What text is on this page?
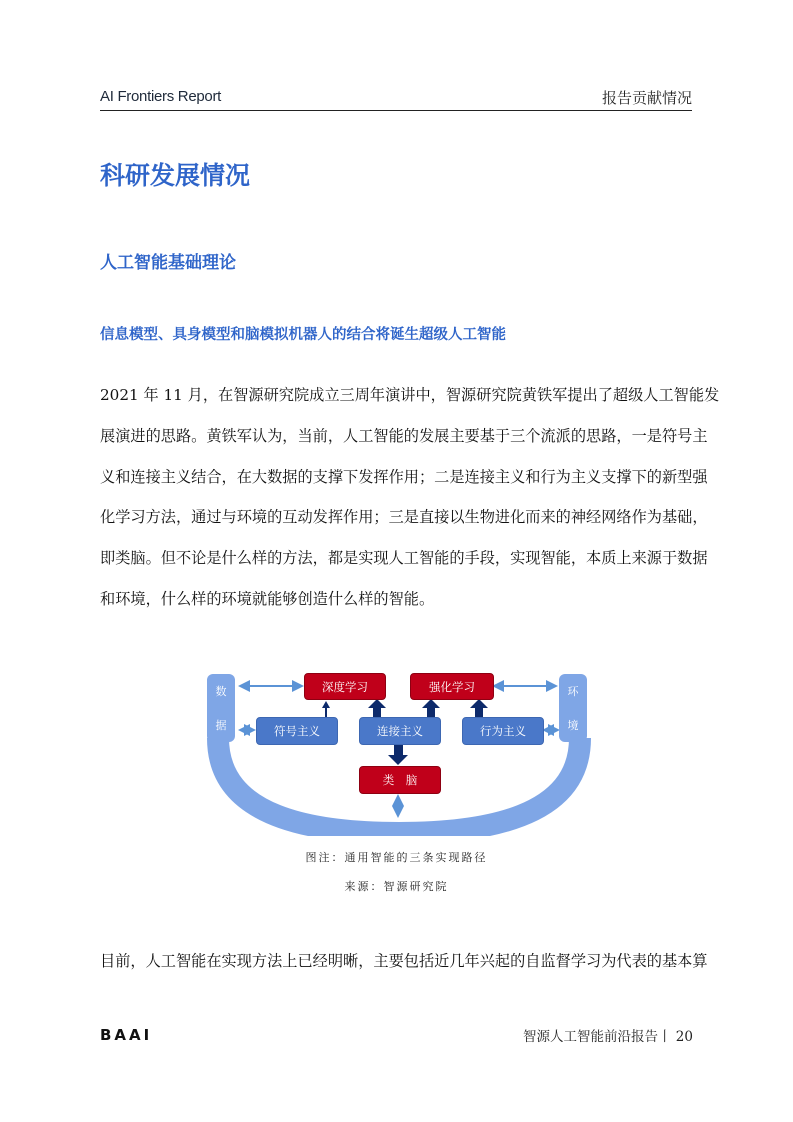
AI Frontiers Report	报告贡献情况
科研发展情况
人工智能基础理论
信息模型、具身模型和脑模拟机器人的结合将诞生超级人工智能
2021 年 11 月，在智源研究院成立三周年演讲中，智源研究院黄铁军提出了超级人工智能发
展演进的思路。黄铁军认为，当前，人工智能的发展主要基于三个流派的思路，一是符号主
义和连接主义结合，在大数据的支撑下发挥作用；二是连接主义和行为主义支撑下的新型强
化学习方法，通过与环境的互动发挥作用；三是直接以生物进化而来的神经网络作为基础，
即类脑。但不论是什么样的方法，都是实现人工智能的手段，实现智能，本质上来源于数据
和环境，什么样的环境就能够创造什么样的智能。
数
据
环
境
深度学习	强化学习
符号主义	连接主义	行为主义
类　脑
图注：通用智能的三条实现路径
来源：智源研究院
目前，人工智能在实现方法上已经明晰，主要包括近几年兴起的自监督学习为代表的基本算
BAAI	智源人工智能前沿报告丨 20
